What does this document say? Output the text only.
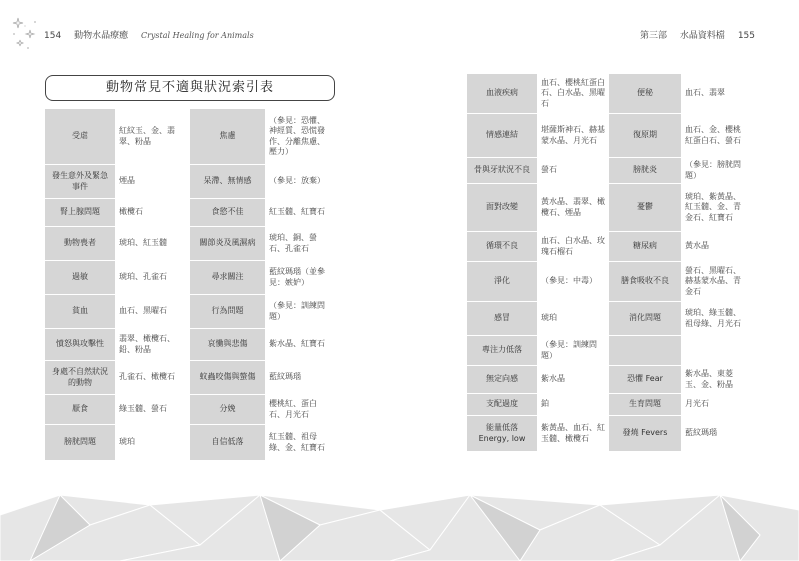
154 動物水晶療癒 Crystal Healing for Animals	第三部 水晶資料檔 155
動物常見不適與狀況索引表
受虐	紅紋玉、金、翡翠、粉晶	焦慮	（參見：恐懼、神經質、恐慌發作、分離焦慮、壓力）
發生意外及緊急事件	煙晶	呆滯、無情感	（參見：放棄）
腎上腺問題	橄欖石	食慾不佳	紅玉髓、紅寶石
動物喪者	琥珀、紅玉髓	關節炎及風濕病	琥珀、銅、螢石、孔雀石
過敏	琥珀、孔雀石	尋求關注	藍紋瑪瑙（並參見：嫉妒）
貧血	血石、黑曜石	行為問題	（參見：訓練問題）
憤怒與攻擊性	翡翠、橄欖石、鉛、粉晶	哀慟與悲傷	紫水晶、紅寶石
身處不自然狀況的動物	孔雀石、橄欖石	蚊蟲咬傷與螫傷	藍紋瑪瑙
厭食	綠玉髓、螢石	分娩	櫻桃紅、蛋白石、月光石
膀胱問題	琥珀	自信低落	紅玉髓、祖母綠、金、紅寶石
血液疾病	血石、櫻桃紅蛋白石、白水晶、黑曜石	便秘	血石、翡翠
情感連結	堪薩斯神石、赫基蒙水晶、月光石	復原期	血石、金、櫻桃紅蛋白石、螢石
骨與牙狀況不良	螢石	膀胱炎	（參見：膀胱問題）
面對改變	黃水晶、翡翠、橄欖石、煙晶	憂鬱	琥珀、紫黃晶、紅玉髓、金、青金石、紅寶石
循環不良	血石、白水晶、玫瑰石榴石	糖尿病	黃水晶
淨化	（參見：中毒）	膳食吸收不良	螢石、黑曜石、赫基蒙水晶、青金石
感冒	琥珀	消化問題	琥珀、綠玉髓、祖母綠、月光石
專注力低落	（參見：訓練問題）		
無定向感	紫水晶	恐懼 Fear	紫水晶、東菱玉、金、粉晶
支配過度	鉑	生育問題	月光石
能量低落 Energy, low	紫黃晶、血石、紅玉髓、橄欖石	發燒 Fevers	藍紋瑪瑙
